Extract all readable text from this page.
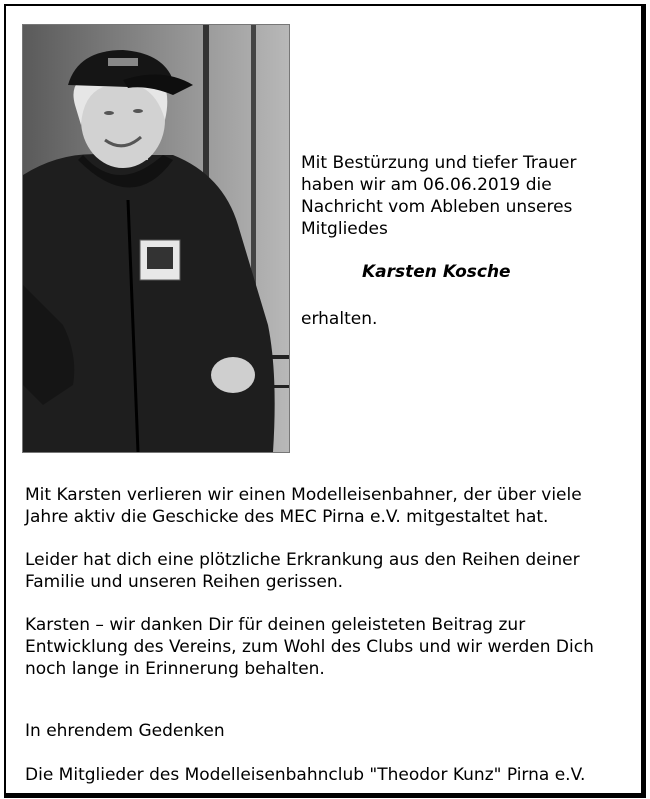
Mit Bestürzung und tiefer Trauer
haben wir am 06.06.2019 die
Nachricht vom Ableben unseres
Mitgliedes
Karsten Kosche
erhalten.
Mit Karsten verlieren wir einen Modelleisenbahner, der über viele
Jahre aktiv die Geschicke des MEC Pirna e.V. mitgestaltet hat.
Leider hat dich eine plötzliche Erkrankung aus den Reihen deiner
Familie und unseren Reihen gerissen.
Karsten – wir danken Dir für deinen geleisteten Beitrag zur
Entwicklung des Vereins, zum Wohl des Clubs und wir werden Dich
noch lange in Erinnerung behalten.
In ehrendem Gedenken
Die Mitglieder des Modelleisenbahnclub "Theodor Kunz" Pirna e.V.
